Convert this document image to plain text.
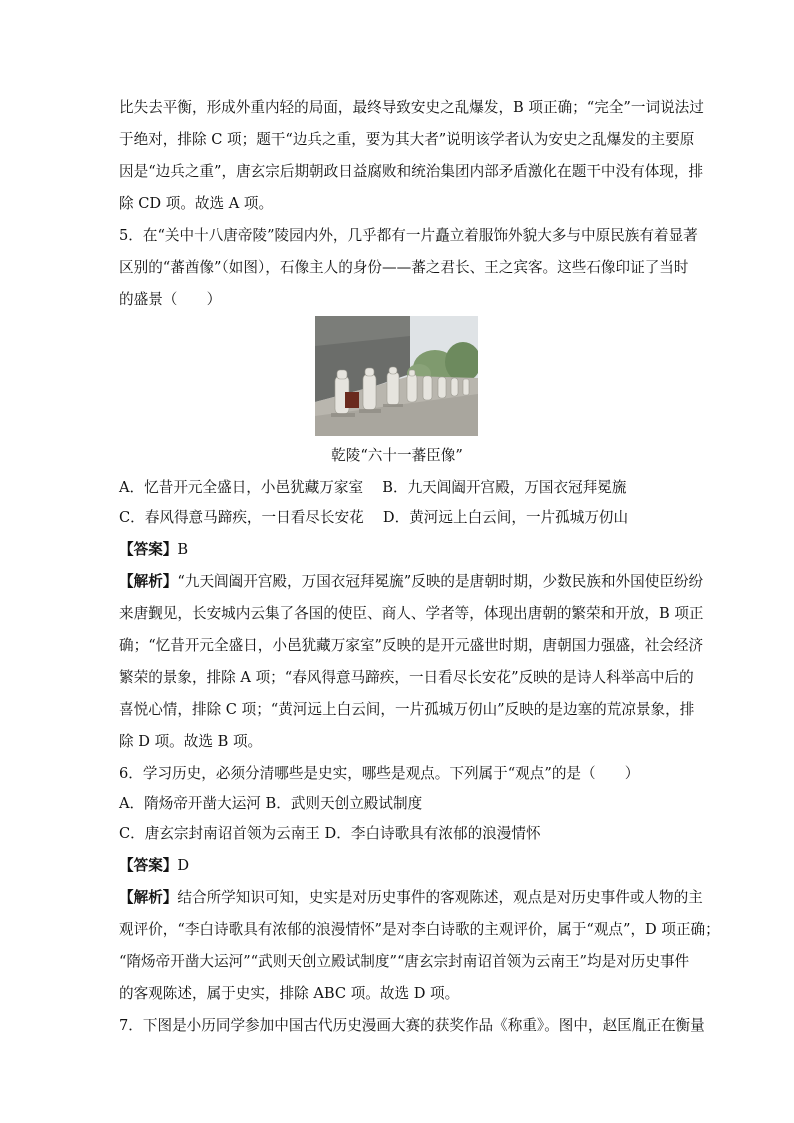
比失去平衡，形成外重内轻的局面，最终导致安史之乱爆发，B 项正确；“完全”一词说法过
于绝对，排除 C 项；题干“边兵之重，要为其大者”说明该学者认为安史之乱爆发的主要原
因是“边兵之重”，唐玄宗后期朝政日益腐败和统治集团内部矛盾激化在题干中没有体现，排
除 CD 项。故选 A 项。
5．在“关中十八唐帝陵”陵园内外，几乎都有一片矗立着服饰外貌大多与中原民族有着显著
区别的“蕃酋像”（如图），石像主人的身份——蕃之君长、王之宾客。这些石像印证了当时
的盛景（　　）
乾陵“六十一蕃臣像”
A．忆昔开元全盛日，小邑犹藏万家室　 B．九天阊阖开宫殿，万国衣冠拜冕旒
C．春风得意马蹄疾，一日看尽长安花　 D．黄河远上白云间，一片孤城万仞山
【答案】B
【解析】“九天阊阖开宫殿，万国衣冠拜冕旒”反映的是唐朝时期，少数民族和外国使臣纷纷
来唐觐见，长安城内云集了各国的使臣、商人、学者等，体现出唐朝的繁荣和开放，B 项正
确；“忆昔开元全盛日，小邑犹藏万家室”反映的是开元盛世时期，唐朝国力强盛，社会经济
繁荣的景象，排除 A 项；“春风得意马蹄疾，一日看尽长安花”反映的是诗人科举高中后的
喜悦心情，排除 C 项；“黄河远上白云间，一片孤城万仞山”反映的是边塞的荒凉景象，排
除 D 项。故选 B 项。
6．学习历史，必须分清哪些是史实，哪些是观点。下列属于“观点”的是（　　）
A．隋炀帝开凿大运河 B．武则天创立殿试制度
C．唐玄宗封南诏首领为云南王 D．李白诗歌具有浓郁的浪漫情怀
【答案】D
【解析】结合所学知识可知，史实是对历史事件的客观陈述，观点是对历史事件或人物的主
观评价，“李白诗歌具有浓郁的浪漫情怀”是对李白诗歌的主观评价，属于“观点”，D 项正确；
“隋炀帝开凿大运河”“武则天创立殿试制度”“唐玄宗封南诏首领为云南王”均是对历史事件
的客观陈述，属于史实，排除 ABC 项。故选 D 项。
7．下图是小历同学参加中国古代历史漫画大赛的获奖作品《称重》。图中，赵匡胤正在衡量
